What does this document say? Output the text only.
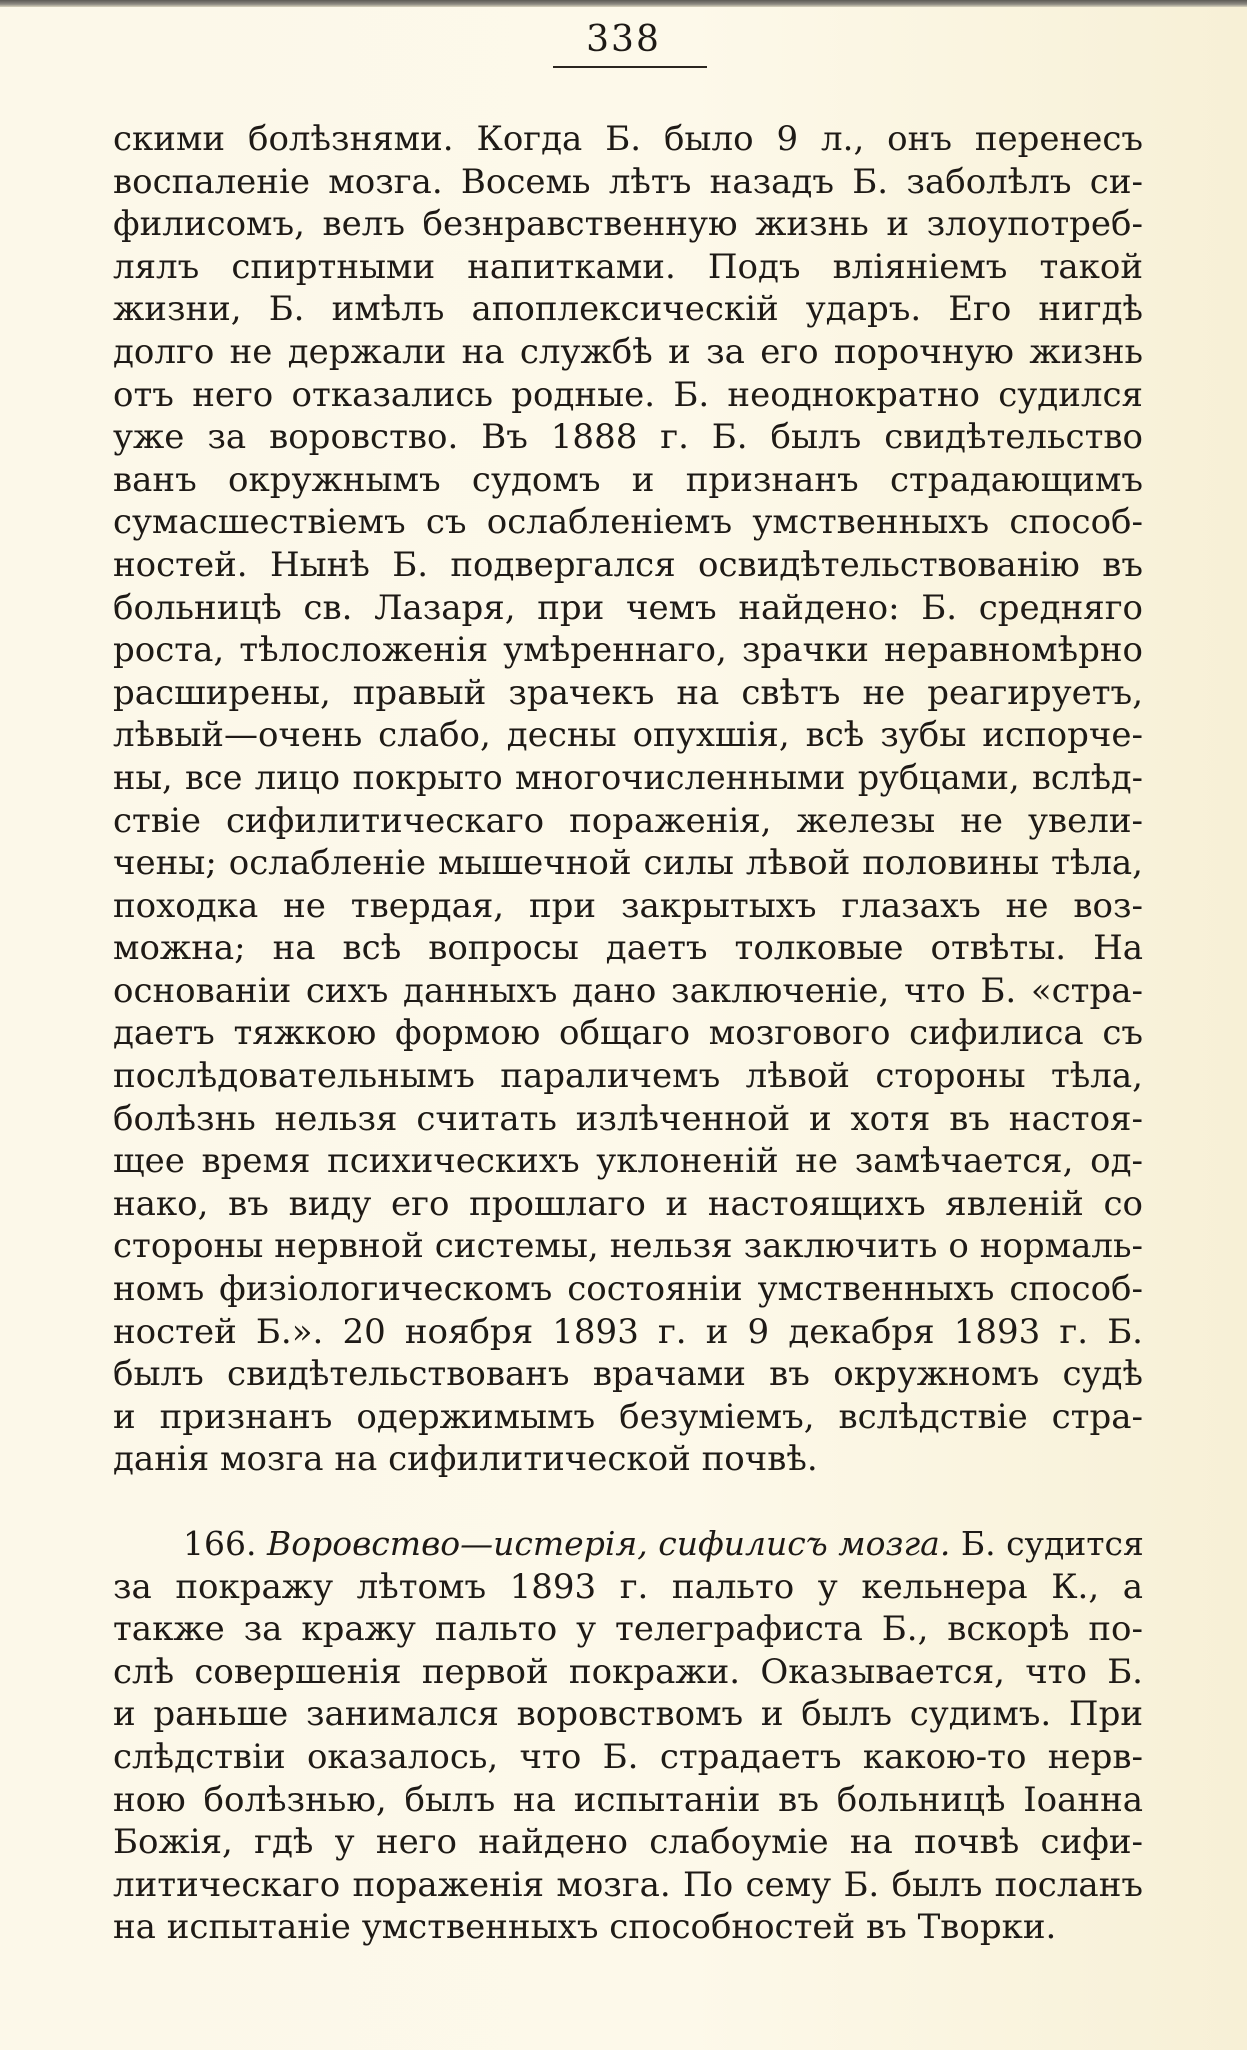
338
скими болѣзнями. Когда Б. было 9 л., онъ перенесъ
воспаленіе мозга. Восемь лѣтъ назадъ Б. заболѣлъ си-
филисомъ, велъ безнравственную жизнь и злоупотреб-
лялъ спиртными напитками. Подъ вліяніемъ такой
жизни, Б. имѣлъ апоплексическій ударъ. Его нигдѣ
долго не держали на службѣ и за его порочную жизнь
отъ него отказались родные. Б. неоднократно судился
уже за воровство. Въ 1888 г. Б. былъ свидѣтельство
ванъ окружнымъ судомъ и признанъ страдающимъ
сумасшествіемъ съ ослабленіемъ умственныхъ способ-
ностей. Нынѣ Б. подвергался освидѣтельствованію въ
больницѣ св. Лазаря, при чемъ найдено: Б. средняго
роста, тѣлосложенія умѣреннаго, зрачки неравномѣрно
расширены, правый зрачекъ на свѣтъ не реагируетъ,
лѣвый—очень слабо, десны опухшія, всѣ зубы испорче-
ны, все лицо покрыто многочисленными рубцами, вслѣд-
ствіе сифилитическаго пораженія, железы не увели-
чены; ослабленіе мышечной силы лѣвой половины тѣла,
походка не твердая, при закрытыхъ глазахъ не воз-
можна; на всѣ вопросы даетъ толковые отвѣты. На
основаніи сихъ данныхъ дано заключеніе, что Б. «стра-
даетъ тяжкою формою общаго мозгового сифилиса съ
послѣдовательнымъ параличемъ лѣвой стороны тѣла,
болѣзнь нельзя считать излѣченной и хотя въ настоя-
щее время психическихъ уклоненій не замѣчается, од-
нако, въ виду его прошлаго и настоящихъ явленій со
стороны нервной системы, нельзя заключить о нормаль-
номъ физіологическомъ состояніи умственныхъ способ-
ностей Б.». 20 ноября 1893 г. и 9 декабря 1893 г. Б.
былъ свидѣтельствованъ врачами въ окружномъ судѣ
и признанъ одержимымъ безуміемъ, вслѣдствіе стра-
данія мозга на сифилитической почвѣ.
166. Воровство—истерія, сифилисъ мозга. Б. судится
за покражу лѣтомъ 1893 г. пальто у кельнера К., а
также за кражу пальто у телеграфиста Б., вскорѣ по-
слѣ совершенія первой покражи. Оказывается, что Б.
и раньше занимался воровствомъ и былъ судимъ. При
слѣдствіи оказалось, что Б. страдаетъ какою-то нерв-
ною болѣзнью, былъ на испытаніи въ больницѣ Іоанна
Божія, гдѣ у него найдено слабоуміе на почвѣ сифи-
литическаго пораженія мозга. По сему Б. былъ посланъ
на испытаніе умственныхъ способностей въ Творки.
